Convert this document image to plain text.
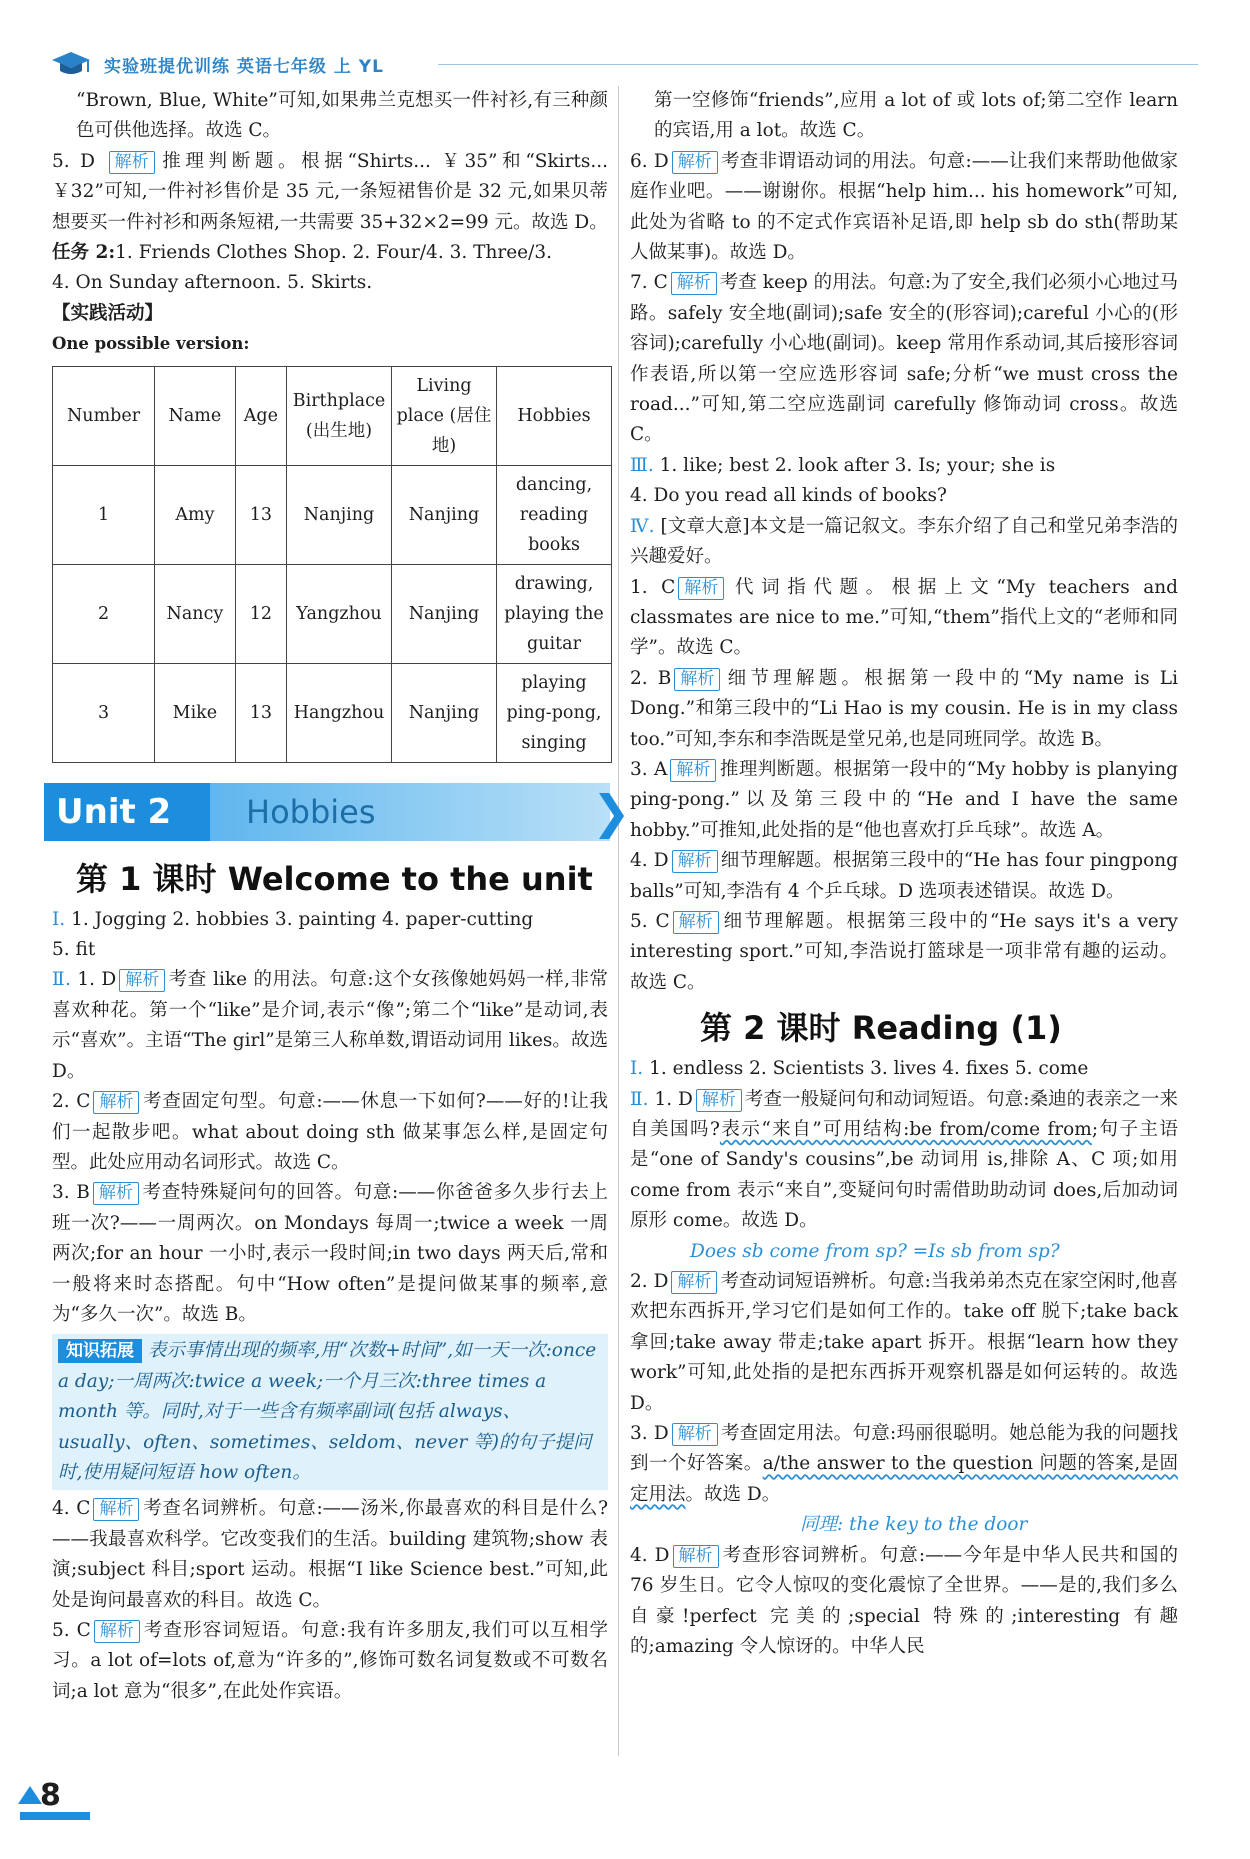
实验班提优训练 英语七年级 上 YL

“Brown, Blue, White”可知,如果弗兰克想买一件衬衫,有三种颜色可供他选择。故选 C。

5. D 解析 推理判断题。根据“Shirts... ￥35”和“Skirts... ￥32”可知,一件衬衫售价是 35 元,一条短裙售价是 32 元,如果贝蒂想要买一件衬衫和两条短裙,一共需要 35+32×2=99 元。故选 D。

任务 2:1. Friends Clothes Shop. 2. Four/4. 3. Three/3.

4. On Sunday afternoon. 5. Skirts.

【实践活动】

One possible version:

Number	Name	Age	Birthplace (出生地)	Living place (居住地)	Hobbies
1	Amy	13	Nanjing	Nanjing	dancing, reading books
2	Nancy	12	Yangzhou	Nanjing	drawing, playing the guitar
3	Mike	13	Hangzhou	Nanjing	playing ping-pong, singing
Unit 2	Hobbies	❯
第 1 课时 Welcome to the unit

Ⅰ. 1. Jogging 2. hobbies 3. painting 4. paper-cutting

5. fit

Ⅱ. 1. D 解析 考查 like 的用法。句意:这个女孩像她妈妈一样,非常喜欢种花。第一个“like”是介词,表示“像”;第二个“like”是动词,表示“喜欢”。主语“The girl”是第三人称单数,谓语动词用 likes。故选 D。

2. C 解析 考查固定句型。句意:——休息一下如何?——好的!让我们一起散步吧。what about doing sth 做某事怎么样,是固定句型。此处应用动名词形式。故选 C。

3. B 解析 考查特殊疑问句的回答。句意:——你爸爸多久步行去上班一次?——一周两次。on Mondays 每周一;twice a week 一周两次;for an hour 一小时,表示一段时间;in two days 两天后,常和一般将来时态搭配。句中“How often”是提问做某事的频率,意为“多久一次”。故选 B。

知识拓展 表示事情出现的频率,用“次数+时间”,如一天一次:once a day;一周两次:twice a week;一个月三次:three times a month 等。同时,对于一些含有频率副词(包括 always、usually、often、sometimes、seldom、never 等)的句子提问时,使用疑问短语 how often。

4. C 解析 考查名词辨析。句意:——汤米,你最喜欢的科目是什么?——我最喜欢科学。它改变我们的生活。building 建筑物;show 表演;subject 科目;sport 运动。根据“I like Science best.”可知,此处是询问最喜欢的科目。故选 C。

5. C 解析 考查形容词短语。句意:我有许多朋友,我们可以互相学习。a lot of=lots of,意为“许多的”,修饰可数名词复数或不可数名词;a lot 意为“很多”,在此处作宾语。

第一空修饰“friends”,应用 a lot of 或 lots of;第二空作 learn 的宾语,用 a lot。故选 C。

6. D 解析 考查非谓语动词的用法。句意:——让我们来帮助他做家庭作业吧。——谢谢你。根据“help him... his homework”可知,此处为省略 to 的不定式作宾语补足语,即 help sb do sth(帮助某人做某事)。故选 D。

7. C 解析 考查 keep 的用法。句意:为了安全,我们必须小心地过马路。safely 安全地(副词);safe 安全的(形容词);careful 小心的(形容词);carefully 小心地(副词)。keep 常用作系动词,其后接形容词作表语,所以第一空应选形容词 safe;分析“we must cross the road...”可知,第二空应选副词 carefully 修饰动词 cross。故选 C。

Ⅲ. 1. like; best 2. look after 3. Is; your; she is

4. Do you read all kinds of books?

Ⅳ. [文章大意]本文是一篇记叙文。李东介绍了自己和堂兄弟李浩的兴趣爱好。

1. C 解析 代词指代题。根据上文“My teachers and classmates are nice to me.”可知,“them”指代上文的“老师和同学”。故选 C。

2. B 解析 细节理解题。根据第一段中的“My name is Li Dong.”和第三段中的“Li Hao is my cousin. He is in my class too.”可知,李东和李浩既是堂兄弟,也是同班同学。故选 B。

3. A 解析 推理判断题。根据第一段中的“My hobby is planying ping-pong.”以及第三段中的“He and I have the same hobby.”可推知,此处指的是“他也喜欢打乒乓球”。故选 A。

4. D 解析 细节理解题。根据第三段中的“He has four pingpong balls”可知,李浩有 4 个乒乓球。D 选项表述错误。故选 D。

5. C 解析 细节理解题。根据第三段中的“He says it's a very interesting sport.”可知,李浩说打篮球是一项非常有趣的运动。故选 C。

第 2 课时 Reading (1)

Ⅰ. 1. endless 2. Scientists 3. lives 4. fixes 5. come

Ⅱ. 1. D 解析 考查一般疑问句和动词短语。句意:桑迪的表亲之一来自美国吗?表示“来自”可用结构:be from/come from;句子主语是“one of Sandy's cousins”,be 动词用 is,排除 A、C 项;如用 come from 表示“来自”,变疑问句时需借助助动词 does,后加动词原形 come。故选 D。

Does sb come from sp? =Is sb from sp?

2. D 解析 考查动词短语辨析。句意:当我弟弟杰克在家空闲时,他喜欢把东西拆开,学习它们是如何工作的。take off 脱下;take back 拿回;take away 带走;take apart 拆开。根据“learn how they work”可知,此处指的是把东西拆开观察机器是如何运转的。故选 D。

3. D 解析 考查固定用法。句意:玛丽很聪明。她总能为我的问题找到一个好答案。a/the answer to the question 问题的答案,是固定用法。故选 D。

同理: the key to the door

4. D 解析 考查形容词辨析。句意:——今年是中华人民共和国的 76 岁生日。它令人惊叹的变化震惊了全世界。——是的,我们多么自豪!perfect 完美的;special 特殊的;interesting 有趣的;amazing 令人惊讶的。中华人民

8
